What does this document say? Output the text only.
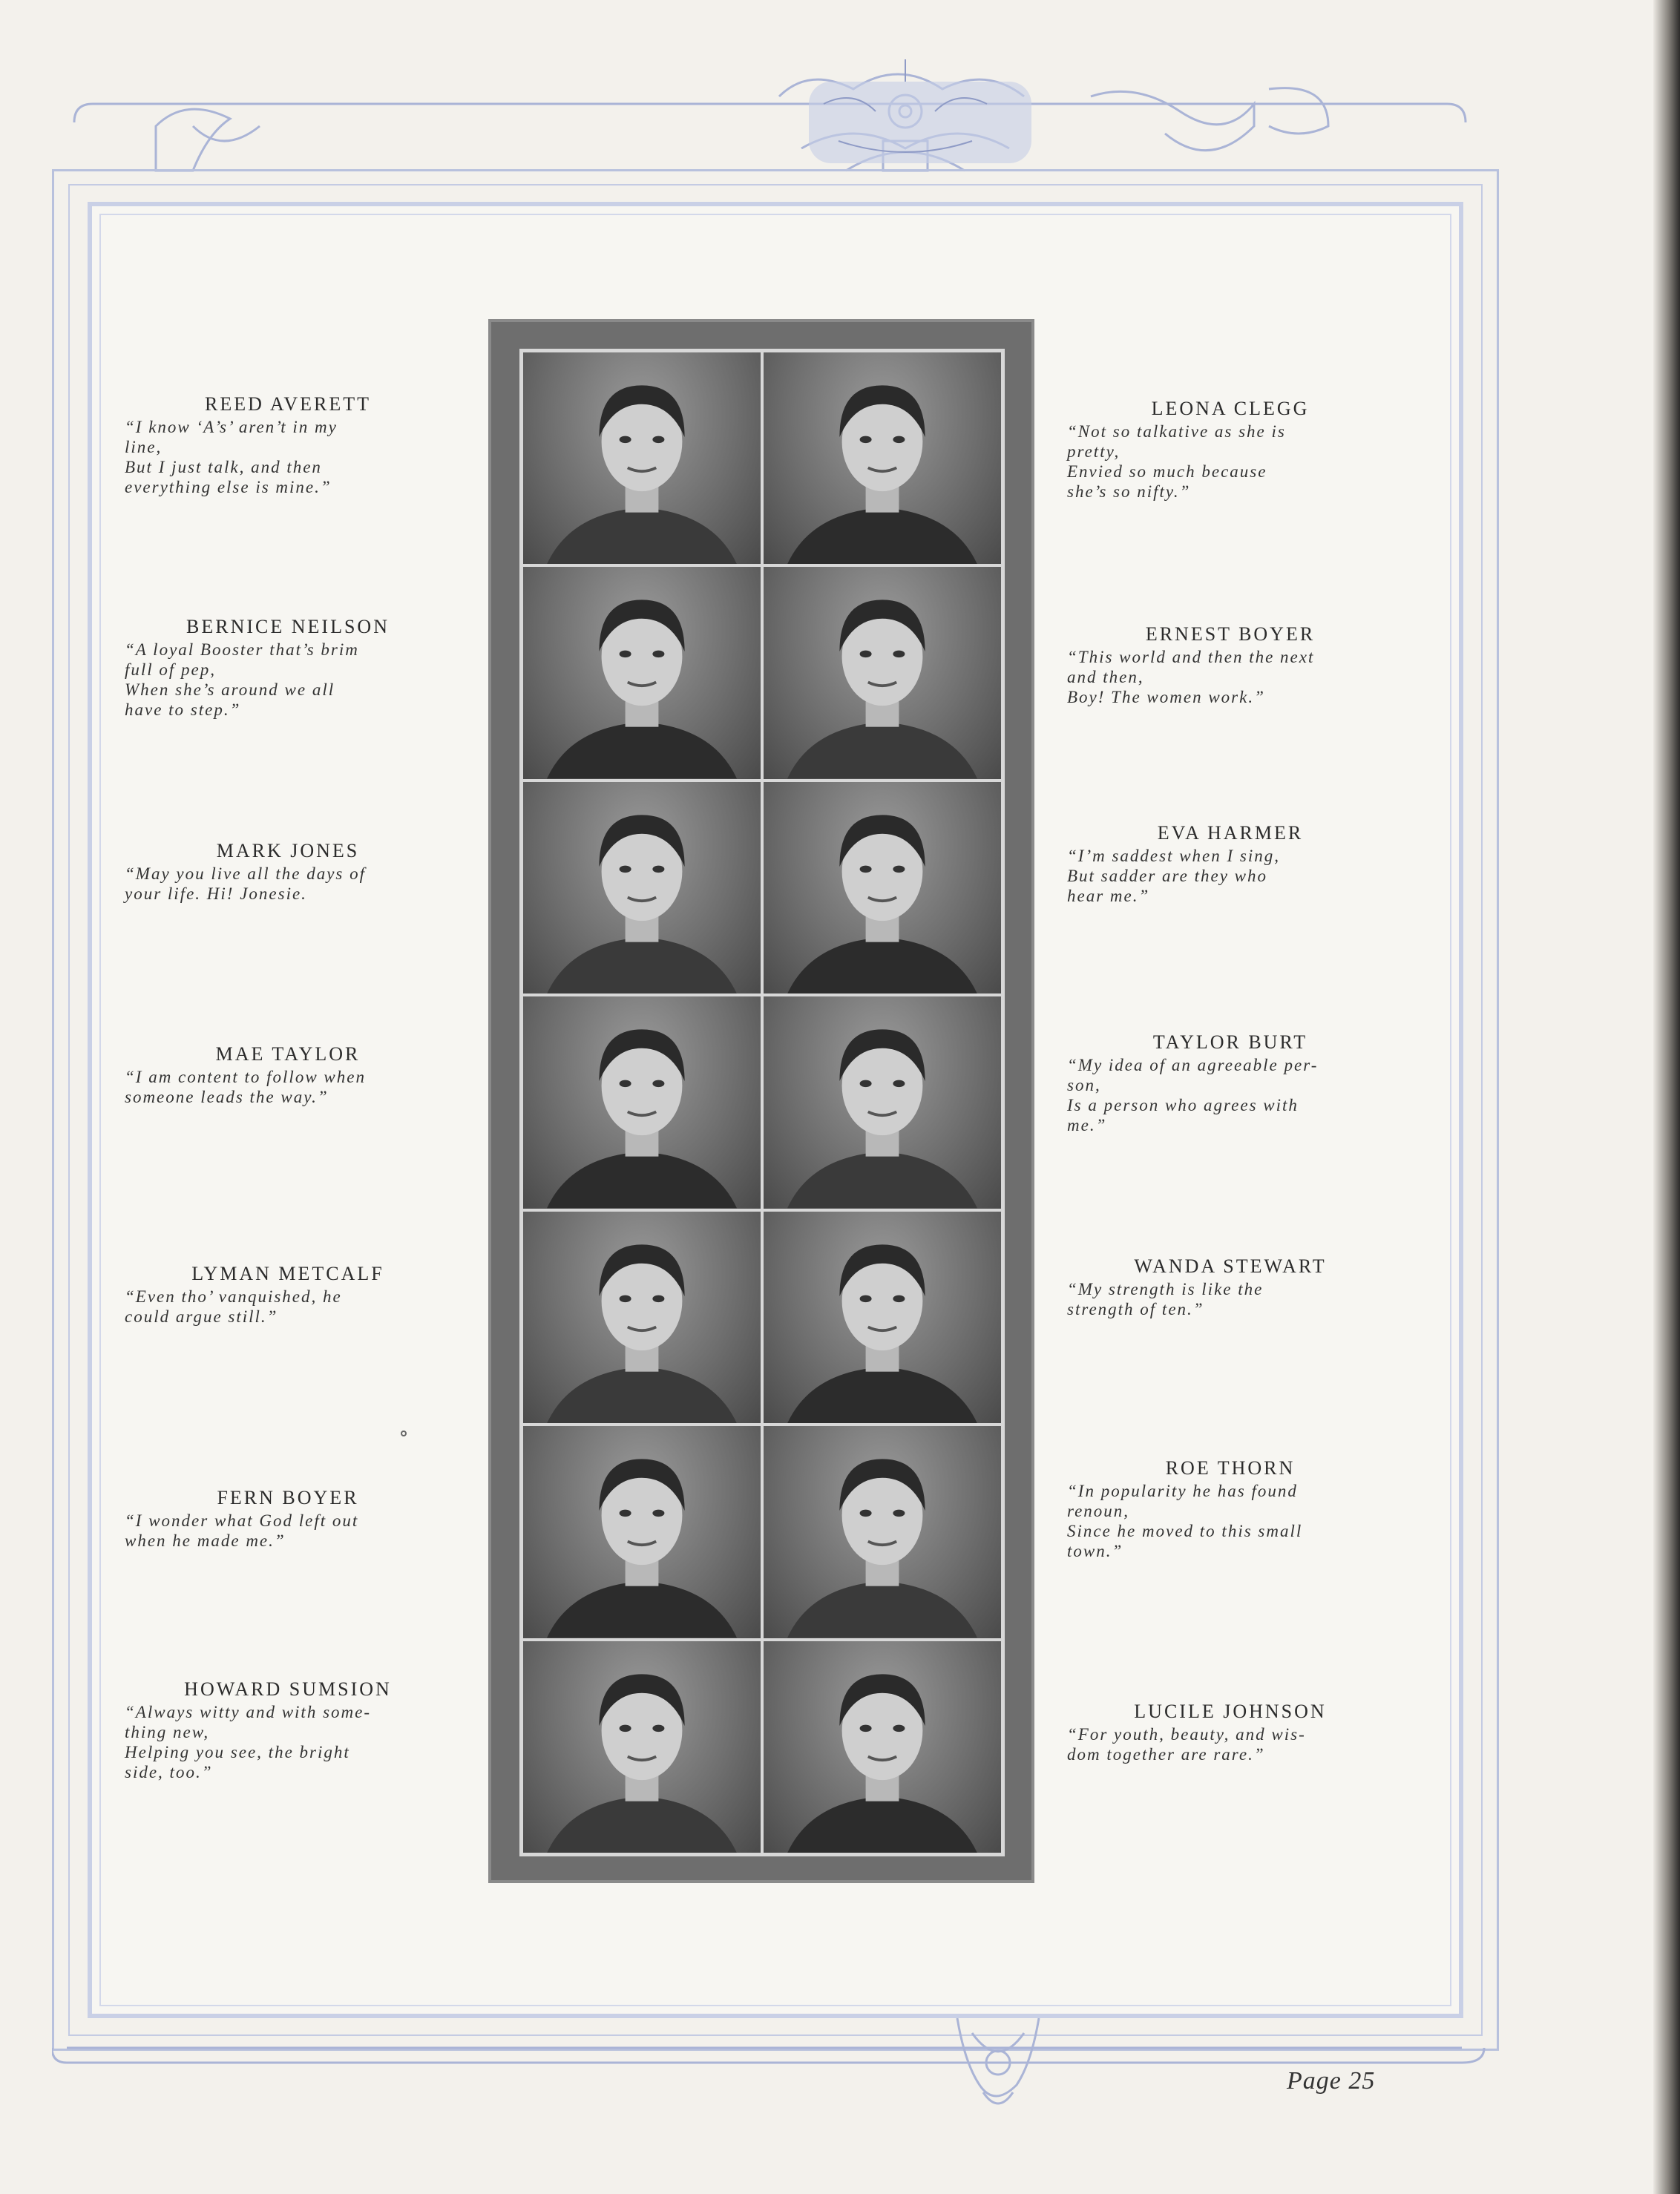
REED AVERETT
“I know ‘A’s’ aren’t in my
line,
But I just talk, and then
everything else is mine.”
BERNICE NEILSON
“A loyal Booster that’s brim
full of pep,
When she’s around we all
have to step.”
MARK JONES
“May you live all the days of
your life. Hi! Jonesie.
MAE TAYLOR
“I am content to follow when
someone leads the way.”
LYMAN METCALF
“Even tho’ vanquished, he
could argue still.”
FERN BOYER
“I wonder what God left out
when he made me.”
HOWARD SUMSION
“Always witty and with some-
thing new,
Helping you see, the bright
side, too.”
LEONA CLEGG
“Not so talkative as she is
pretty,
Envied so much because
she’s so nifty.”
ERNEST BOYER
“This world and then the next
and then,
Boy! The women work.”
EVA HARMER
“I’m saddest when I sing,
But sadder are they who
hear me.”
TAYLOR BURT
“My idea of an agreeable per-
son,
Is a person who agrees with
me.”
WANDA STEWART
“My strength is like the
strength of ten.”
ROE THORN
“In popularity he has found
renoun,
Since he moved to this small
town.”
LUCILE JOHNSON
“For youth, beauty, and wis-
dom together are rare.”
Page 25
